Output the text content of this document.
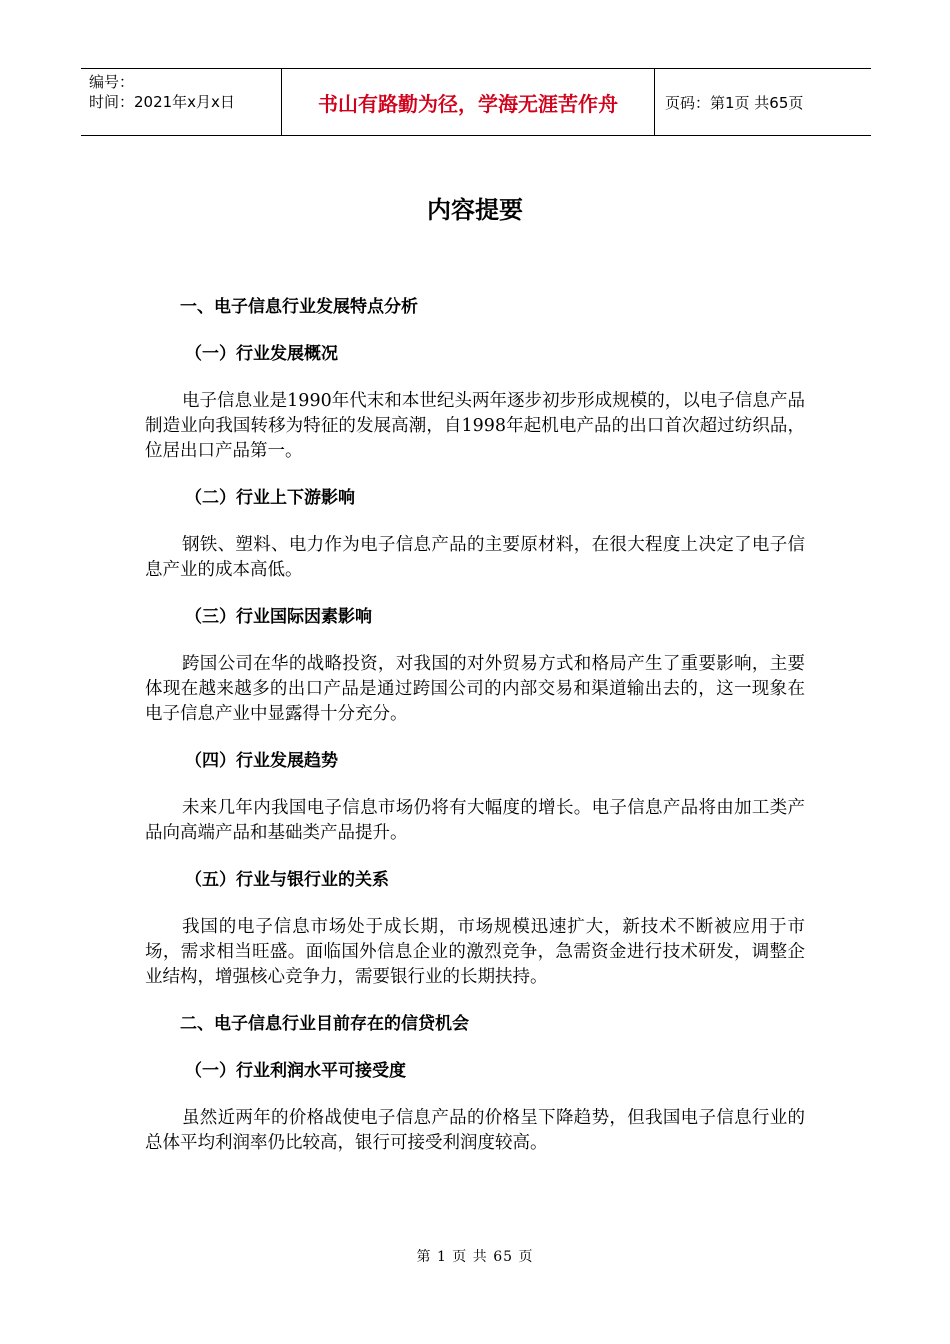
编号：
时间：2021年x月x日	书山有路勤为径，学海无涯苦作舟	页码：第1页 共65页
内容提要
一、电子信息行业发展特点分析
（一）行业发展概况

电子信息业是1990年代末和本世纪头两年逐步初步形成规模的，以电子信息产品制造业向我国转移为特征的发展高潮，自1998年起机电产品的出口首次超过纺织品，位居出口产品第一。

（二）行业上下游影响

钢铁、塑料、电力作为电子信息产品的主要原材料，在很大程度上决定了电子信息产业的成本高低。

（三）行业国际因素影响

跨国公司在华的战略投资，对我国的对外贸易方式和格局产生了重要影响，主要体现在越来越多的出口产品是通过跨国公司的内部交易和渠道输出去的，这一现象在电子信息产业中显露得十分充分。

（四）行业发展趋势

未来几年内我国电子信息市场仍将有大幅度的增长。电子信息产品将由加工类产品向高端产品和基础类产品提升。

（五）行业与银行业的关系

我国的电子信息市场处于成长期，市场规模迅速扩大，新技术不断被应用于市场，需求相当旺盛。面临国外信息企业的激烈竞争，急需资金进行技术研发，调整企业结构，增强核心竞争力，需要银行业的长期扶持。

二、电子信息行业目前存在的信贷机会
（一）行业利润水平可接受度

虽然近两年的价格战使电子信息产品的价格呈下降趋势，但我国电子信息行业的总体平均利润率仍比较高，银行可接受利润度较高。

第 1 页 共 65 页
